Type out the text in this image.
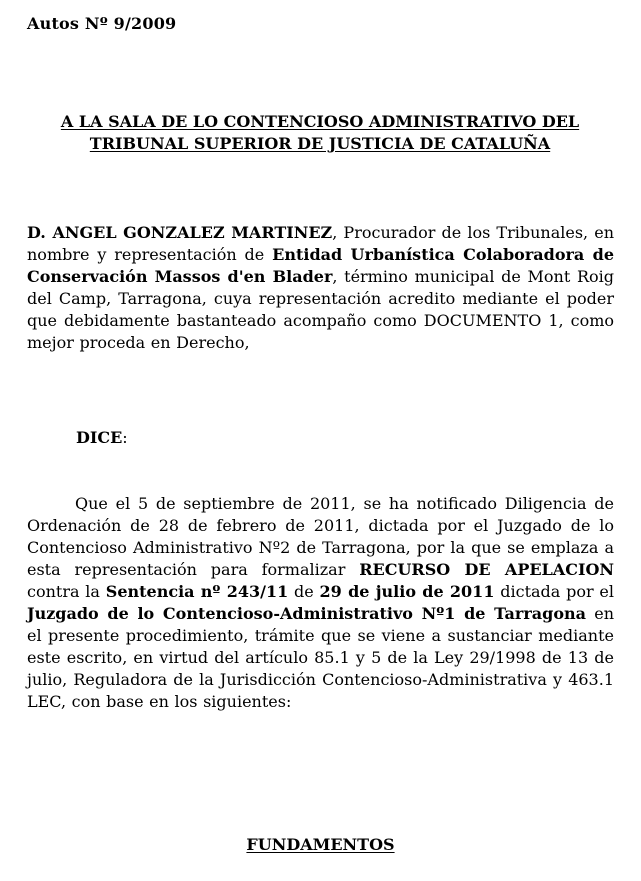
Autos Nº 9/2009

A LA SALA DE LO CONTENCIOSO ADMINISTRATIVO DEL
TRIBUNAL SUPERIOR DE JUSTICIA DE CATALUÑA

D. ANGEL GONZALEZ MARTINEZ, Procurador de los Tribunales, en nombre y representación de Entidad Urbanística Colaboradora de Conservación Massos d'en Blader, término municipal de Mont Roig del Camp, Tarragona, cuya representación acredito mediante el poder que debidamente bastanteado acompaño como DOCUMENTO 1, como mejor proceda en Derecho,

DICE:

Que el 5 de septiembre de 2011, se ha notificado Diligencia de Ordenación de 28 de febrero de 2011, dictada por el Juzgado de lo Contencioso Administrativo Nº2 de Tarragona, por la que se emplaza a esta representación para formalizar RECURSO DE APELACION contra la Sentencia nº 243/11 de 29 de julio de 2011 dictada por el Juzgado de lo Contencioso-Administrativo Nº1 de Tarragona en el presente procedimiento, trámite que se viene a sustanciar mediante este escrito, en virtud del artículo 85.1 y 5 de la Ley 29/1998 de 13 de julio, Reguladora de la Jurisdicción Contencioso-Administrativa y 463.1 LEC, con base en los siguientes:

FUNDAMENTOS
